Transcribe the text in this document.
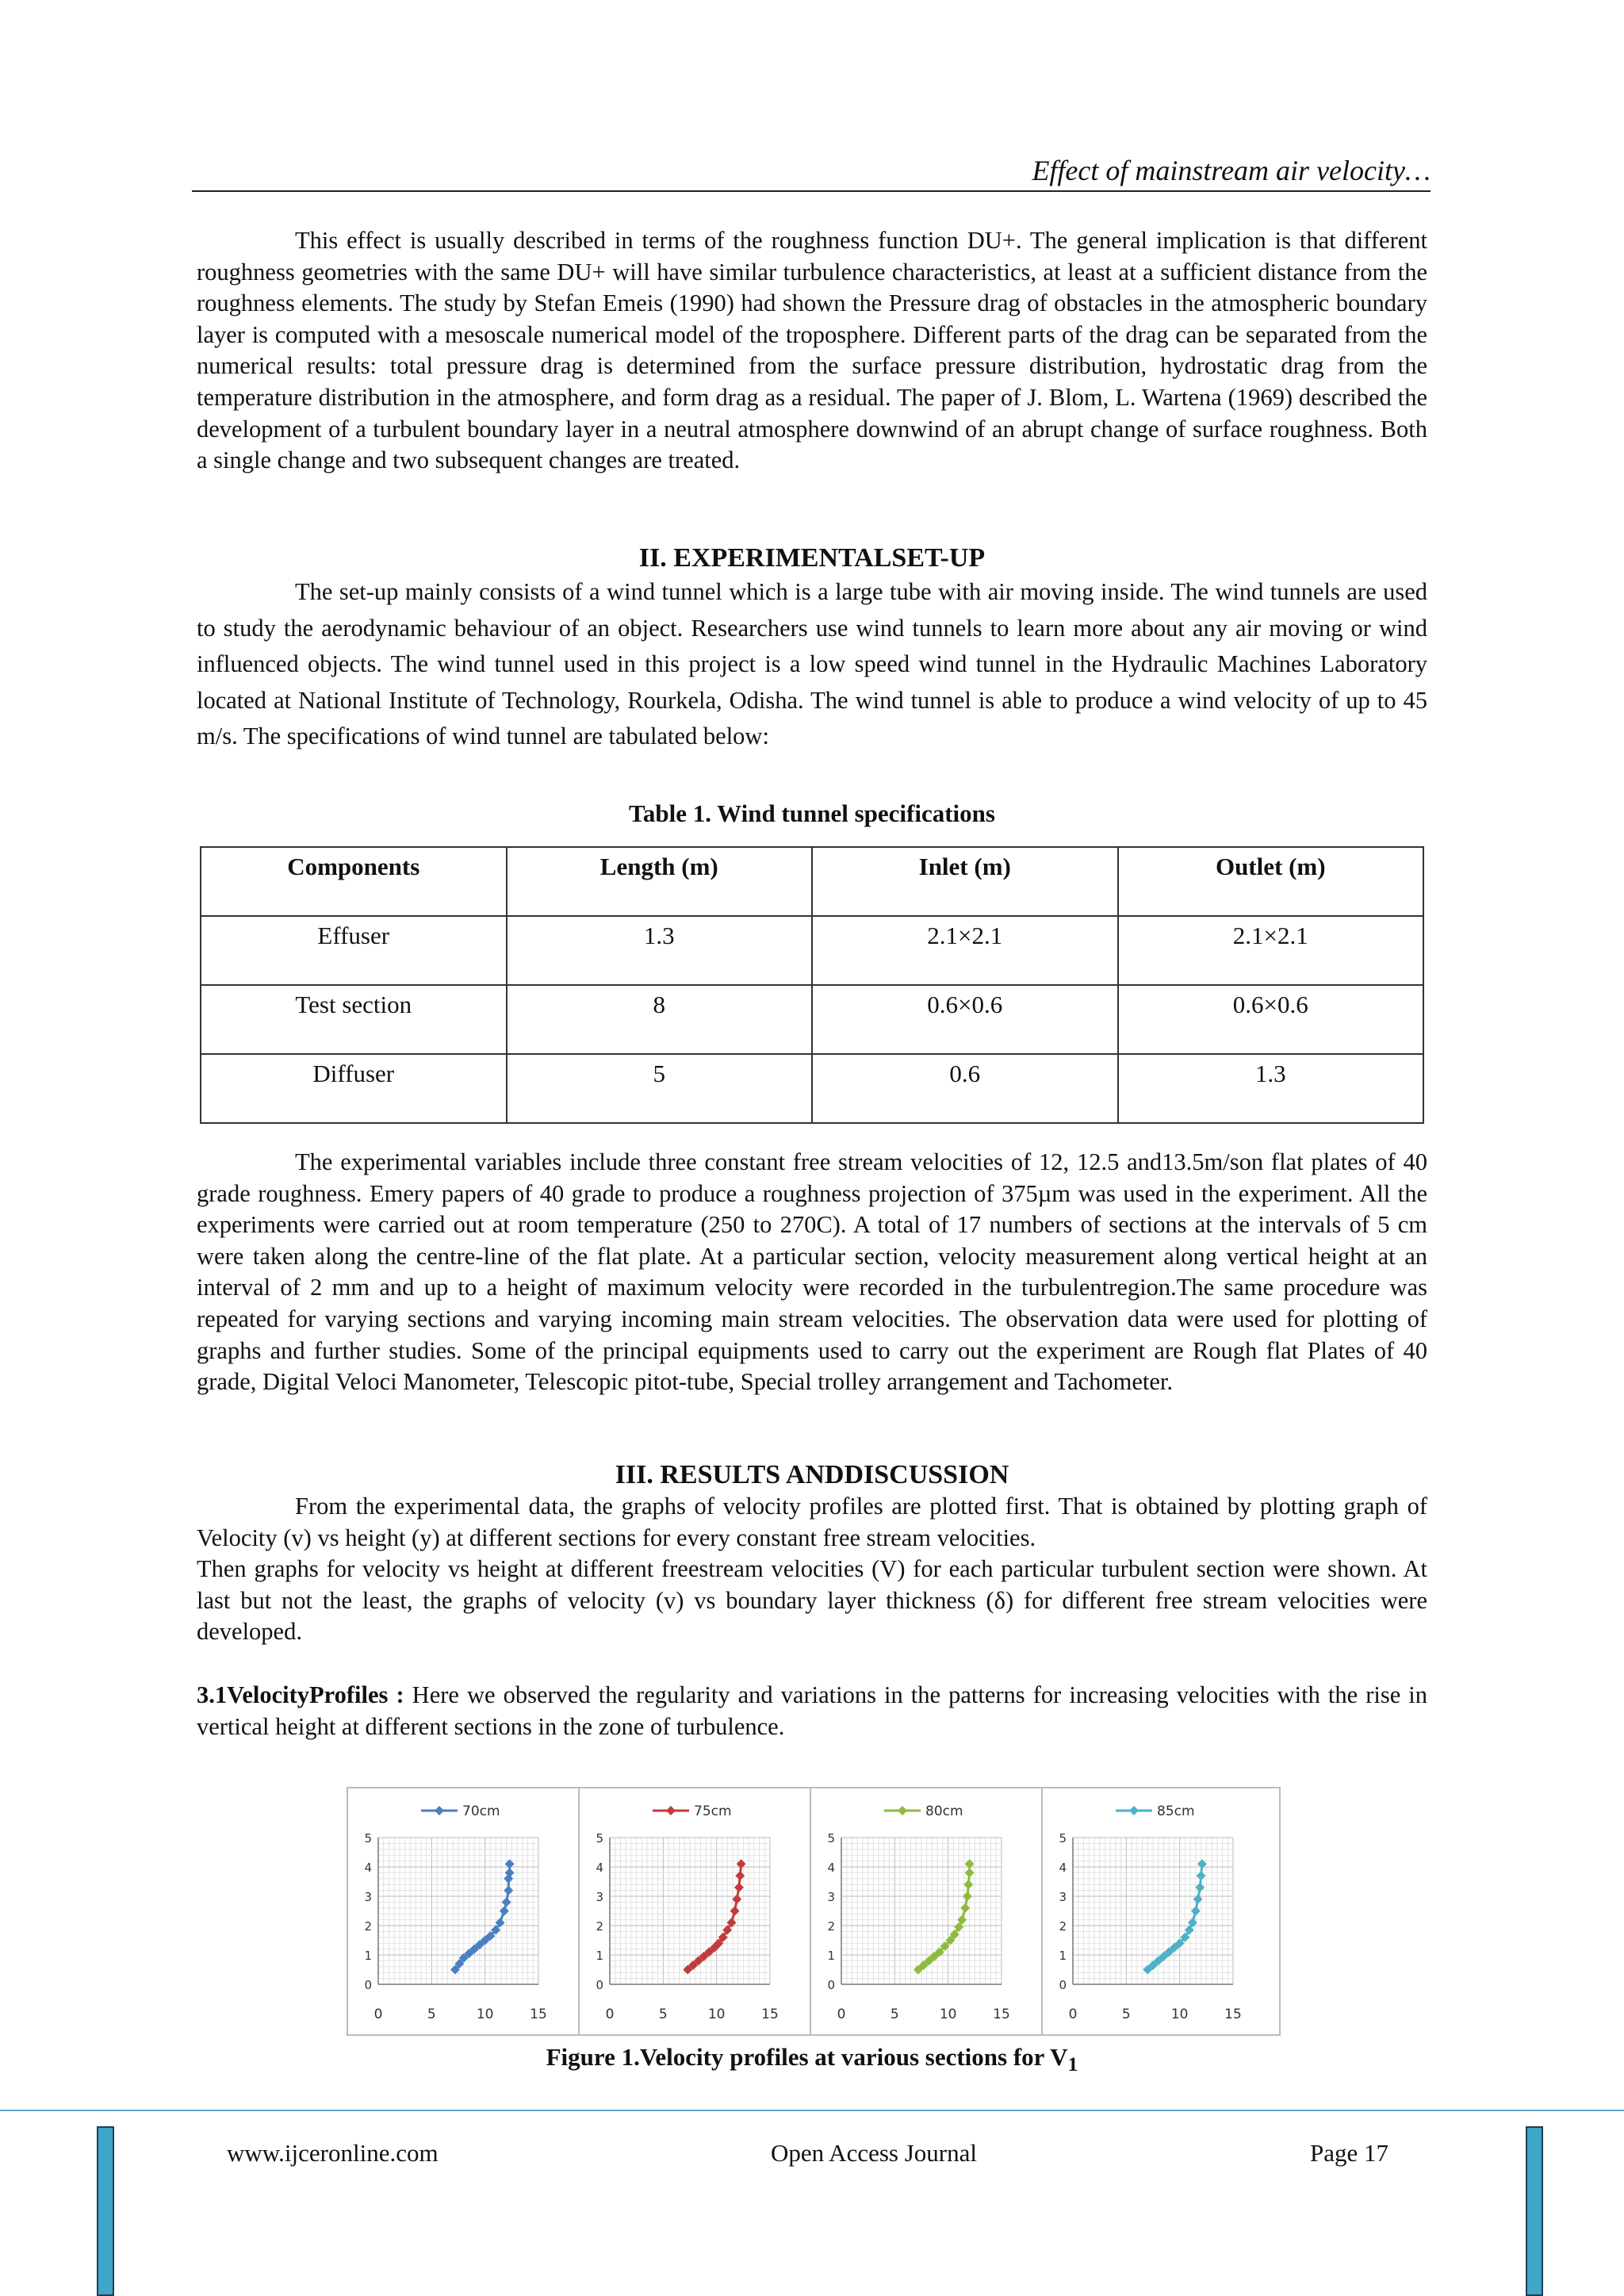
Effect of mainstream air velocity…

This effect is usually described in terms of the roughness function DU+. The general implication is that different roughness geometries with the same DU+ will have similar turbulence characteristics, at least at a sufficient distance from the roughness elements. The study by Stefan Emeis (1990) had shown the Pressure drag of obstacles in the atmospheric boundary layer is computed with a mesoscale numerical model of the troposphere. Different parts of the drag can be separated from the numerical results: total pressure drag is determined from the surface pressure distribution, hydrostatic drag from the temperature distribution in the atmosphere, and form drag as a residual. The paper of J. Blom, L. Wartena (1969) described the development of a turbulent boundary layer in a neutral atmosphere downwind of an abrupt change of surface roughness. Both a single change and two subsequent changes are treated.

II. EXPERIMENTALSET-UP

The set-up mainly consists of a wind tunnel which is a large tube with air moving inside. The wind tunnels are used to study the aerodynamic behaviour of an object. Researchers use wind tunnels to learn more about any air moving or wind influenced objects. The wind tunnel used in this project is a low speed wind tunnel in the Hydraulic Machines Laboratory located at National Institute of Technology, Rourkela, Odisha. The wind tunnel is able to produce a wind velocity of up to 45 m/s. The specifications of wind tunnel are tabulated below:

Table 1. Wind tunnel specifications

Components	Length (m)	Inlet (m)	Outlet (m)
Effuser	1.3	2.1×2.1	2.1×2.1
Test section	8	0.6×0.6	0.6×0.6
Diffuser	5	0.6	1.3

The experimental variables include three constant free stream velocities of 12, 12.5 and13.5m/son flat plates of 40 grade roughness. Emery papers of 40 grade to produce a roughness projection of 375µm was used in the experiment. All the experiments were carried out at room temperature (250 to 270C). A total of 17 numbers of sections at the intervals of 5 cm were taken along the centre-line of the flat plate. At a particular section, velocity measurement along vertical height at an interval of 2 mm and up to a height of maximum velocity were recorded in the turbulentregion.The same procedure was repeated for varying sections and varying incoming main stream velocities. The observation data were used for plotting of graphs and further studies. Some of the principal equipments used to carry out the experiment are Rough flat Plates of 40 grade, Digital Veloci Manometer, Telescopic pitot-tube, Special trolley arrangement and Tachometer.

III. RESULTS ANDDISCUSSION

From the experimental data, the graphs of velocity profiles are plotted first. That is obtained by plotting graph of Velocity (v) vs height (y) at different sections for every constant free stream velocities.

Then graphs for velocity vs height at different freestream velocities (V) for each particular turbulent section were shown. At last but not the least, the graphs of velocity (v) vs boundary layer thickness (δ) for different free stream velocities were developed.

3.1VelocityProfiles : Here we observed the regularity and variations in the patterns for increasing velocities with the rise in vertical height at different sections in the zone of turbulence.

0
1
2
3
4
5
0	5	10	15
70cm
0
1
2
3
4
5
0	5	10	15
75cm
0
1
2
3
4
5
0	5	10	15
80cm
0
1
2
3
4
5
0	5	10	15
85cm

Figure 1.Velocity profiles at various sections for $V_1$

www.ijceronline.com	Open Access Journal	Page 17
